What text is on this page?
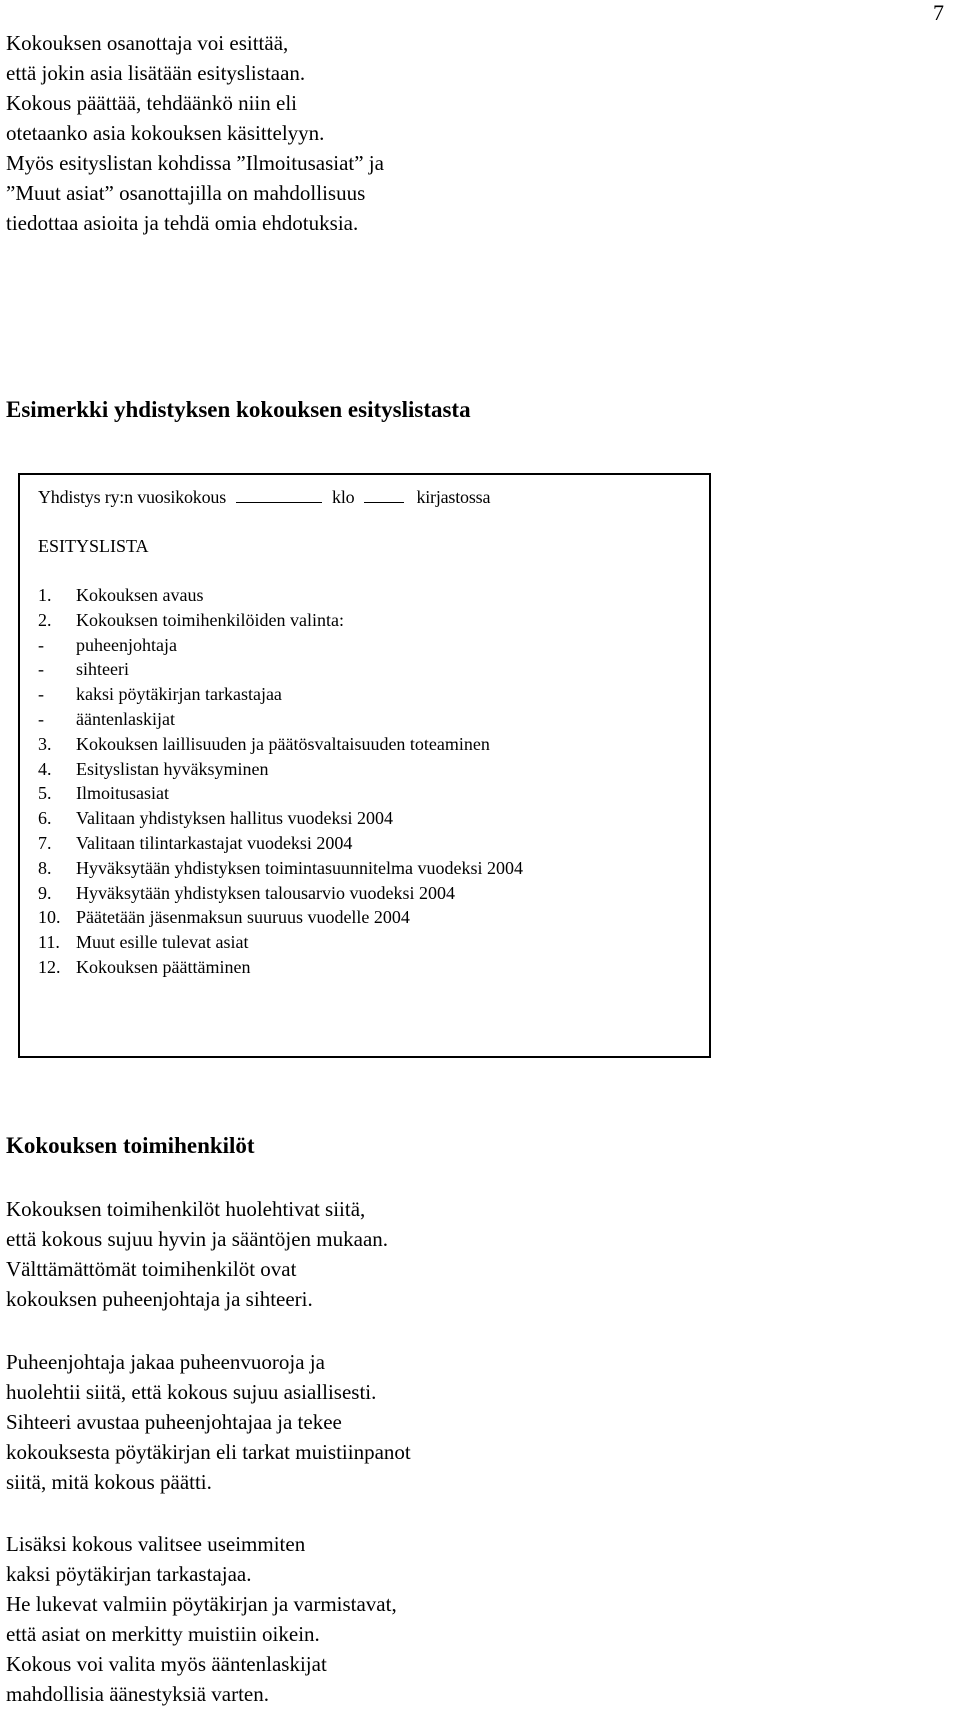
7

Kokouksen osanottaja voi esittää,
että jokin asia lisätään esityslistaan.
Kokous päättää, tehdäänkö niin eli
otetaanko asia kokouksen käsittelyyn.
Myös esityslistan kohdissa ”Ilmoitusasiat” ja
”Muut asiat” osanottajilla on mahdollisuus
tiedottaa asioita ja tehdä omia ehdotuksia.

Esimerkki yhdistyksen kokouksen esityslistasta
Yhdistys ry:n vuosikokous	klo	kirjastossa
ESITYSLISTA
1. Kokouksen avaus
2. Kokouksen toimihenkilöiden valinta:
- puheenjohtaja
- sihteeri
- kaksi pöytäkirjan tarkastajaa
- ääntenlaskijat
3. Kokouksen laillisuuden ja päätösvaltaisuuden toteaminen
4. Esityslistan hyväksyminen
5. Ilmoitusasiat
6. Valitaan yhdistyksen hallitus vuodeksi 2004
7. Valitaan tilintarkastajat vuodeksi 2004
8. Hyväksytään yhdistyksen toimintasuunnitelma vuodeksi 2004
9. Hyväksytään yhdistyksen talousarvio vuodeksi 2004
10. Päätetään jäsenmaksun suuruus vuodelle 2004
11. Muut esille tulevat asiat
12. Kokouksen päättäminen
Kokouksen toimihenkilöt

Kokouksen toimihenkilöt huolehtivat siitä,
että kokous sujuu hyvin ja sääntöjen mukaan.
Välttämättömät toimihenkilöt ovat
kokouksen puheenjohtaja ja sihteeri.

Puheenjohtaja jakaa puheenvuoroja ja
huolehtii siitä, että kokous sujuu asiallisesti.
Sihteeri avustaa puheenjohtajaa ja tekee
kokouksesta pöytäkirjan eli tarkat muistiinpanot
siitä, mitä kokous päätti.

Lisäksi kokous valitsee useimmiten
kaksi pöytäkirjan tarkastajaa.
He lukevat valmiin pöytäkirjan ja varmistavat,
että asiat on merkitty muistiin oikein.
Kokous voi valita myös ääntenlaskijat
mahdollisia äänestyksiä varten.
